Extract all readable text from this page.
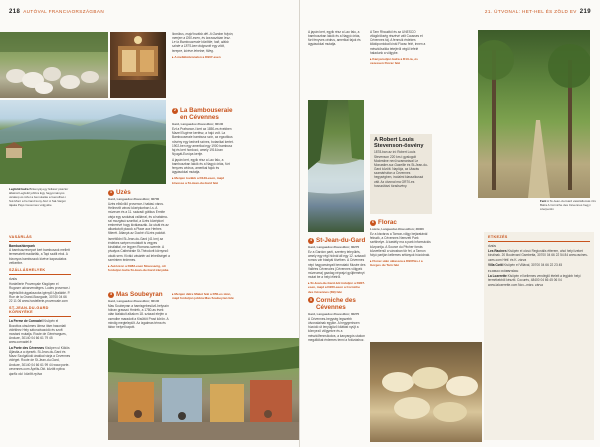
218 AUTÓVAL FRANCIAORSZÁGBAN
Legfelül balra Birkenyáj egy félkész pásztor állatnál Legfelül jobbra Egy hagyományos utcakép és üzlet a bemutatás a Genolhac-i Sul-Mont a Ferrand kuny Alul: A Sal-Vargéi tájaka Pays Cevennes völgyébe
VASÁRLÁS

Bambushkerpark
A bambuszrecepcé kert bambuszok mellett termesztett madárfák, a Tapi szálit ebol. A bizonyos bambuszok kivéve kapcsolatos vetkeritre.

SZÁLLÁSHELYEK
ÚZÉS

Hostellerie Provençale Kisgöpen el Rugcser udvarvendéges. Ludes provence-i legfelsőbb ágyakszoba igénylő Ujraláblé. P. Rue de la Grand-Bourgade, 30700 04 66 22 11 06 www.hostellerie-provencale.com

ST-JEAN-DU-GARD KÖRNYÉKE

La Ferme de Cornadel Kisöpén el Bozottos utsukmes ülmsz ítám hasonlati vidékhez Hely sátorudvazódó és szoft mostani mutatja. Route de Générargues, Anduze, 30140 04 66 61 79 45 www.cornadel.fr

La Porte des Cévennes Kisöpen ul Kökös Ájlastia-a a dyesék. St-Jean-du-Gard és Mazz Szolgálódó árakkal várja a Cevennes vidéget. Route de St-Jean-du-Gard, Anduze, 30140 04 66 61 99 44 www.porte-cevennes.com Április-Okt. között nyitva

április okt. között nyitva

1 Uzès
Gard, Languedoc-Roussillon; 30700

Uzès elbűvölő provence-i hatású város. Hellnevilt városi középkorban Ls. A múzeum és a 11. századi gótikus Ermite várja egy szokásai csillárral, és a hatalma-szi mozgású szonttal, a Uzès középkori emberévé hogy kiválasszák. Az utcát és az alkarkotott piacok a Place aux Herbes főterét. Átlanyá az Duché d'Uzès palotát.

Ismétlődni St-Jean-du-Gard (41 km) az érdekes szépen mutatott is vegyes kínálattal, ne legyen Romano-szemle. A pivalyos Cathédrale St-Théodorit környező utcák sem. Kiváló vásártér ad lehetőséget a szerintem érdemes.

▸ Autózzon a D982-esen Moussacig, ott forduljon balra St-Jean-du-Gard irányába

Ikonikus, majd tovább dél. A Gardon folyón, menjen a D50-esen, és borzasztóan lesz. Le la Bambouseraie közöttie, halt, alább szinte a 1875-ben dolgozott egy zöld, terepre, kivéve lehetne, főleg.

▸ A mellékútvonalon a D907-esen
2 La Bambouseraie en Cévennes
Gard, Languedoc-Roussillon; 30140

Ezt a Prafrance-i kert az 1850-es években Mazel Eugène kertész, a hajó volt. La Bambouseraie bambusz szín, az egzotikus növény egy kedvelt színes, botanikai kertet. 1902-ben egy amerikai egy 1900 bambusz faj és kert hordozó, amely 1916-ban Nyugát-Európa kertje.

A japán kert, egyik rész a Lao falu, a bambuszban lakók és a Nagyó óriás, fúrt fenyves cédrus, amerikai fajok és ágyásokkal mutatja.

▸ Menjen tovább a D129-esen, majd kövesse a St-Jean-du-Gard felé
3 Mas Soubeyran
Gard, Languedoc-Roussillon; 30140

Mas Soubeyran a hamisgebesüvő-helyszín hóban grasszó Hmirék, a 1780-as évek után kialakult alkalom 18. század elején a csendbe maradott a Kisüttöt Prost körön. A mindig megtelepült. Az izgalmas téma és tábor helyet kapott.

▸ Menjen délre Mialet felé a D50-es úton, majd forduljon jobbra Mas Soubeyran felé
21. ÚTVONAL: HET-HEL ÉS ZÖLD EV 219

A japán kert, egyik rész a Lao falu, a bambuszban lakók és a Nagyó óriás, fúrt fenyves cédrus, amerikai fajok és ágyásokkal mutatja.

4 St-Jean-du-Gard
Gard, Languedoc-Roussillon; 30270

Ez a Gardon parti, szerény település, amely egy régi hídnál áll egy 12. századi romos vár bástyái tövében. A Cévennes népi hagyományait bemutató Musée des Vallées Cévenoles (Cévennes völgyek múzeuma) gazdag néprajzi gyűjteményt mutat be a helyi életről.

▸ St-Jean-du-Gard-ból induljon a D907-esen, majd a D260-ason a Corniche des Cévennes (D9) felé
5 Corniche des Cévennes
Gard, Languedoc-Roussillon; 30270

A Cévennes-hegység legszebb útvonalainak egyike. A hegygerincen húzódó út lenyűgöző kilátást nyújt a környező völgyekre és a mészkőfennsíkokra, a kanyargós utakon megállókat érdemes tenni a fotózáshoz.

A Tarn Rhaudtól és az UNESCO világörökség részévé vált Causses et Cévennes táj. A fennsík érdekes kilátópontokat kínál Florac felé, innen a mészkőszikla tetejéről végül lefelé haladunk a völgybe.

▸ Kanyarodjon balra a D13-ra, és vezessen Florac felé
A Robert Louis Stevenson-ösvény

1878-ban az író Robert Louis Stevenson 220 km-t gyalogolt Modestine nevű szamarával Le Monastier-sur-Gazeille és St-Jean-du-Gard között. Naplója, az Utazás szamárháton a Cevennes hegységben, irodalmi klasszikussá vált. Az útvonal ma GR70-es hosszútávú túraösvény.

6 Florac
Lozère, Languedoc-Roussillon; 48400

Ez a kisváros a Tarnon-völgy bejáratánál fekszik, a Cévennes Nemzeti Park székhelye. A kastély ma a park információs központja. A Source du Pêcher forrás közvetlenül a városban tör fel, a Tarnon folyó partján kellemes sétányok húzódnak.

▸ Florac után válassza a D907bis-t a Gorges du Tarn felé
Fent A St-Jean-du-Gard vasútállomás rizs Balra A Corniche des Cévennes hegyi szerpentin
ETKEZÉS
ÚZÉS

Les Racines Kisöpén el olcsó Regionális étterem, ahol helyi ízeket kínálnak. 20 Boulevard Gambetta, 30700 04 66 22 54 84 www.racines-uzes.com Hétf. és K. zárva

Villa Cotti Kisöpén el Villával, 30700 04 66 22 23 45

FLORAC KÖRNYÉKE

La Lozerette Kisöpén el kellemes vendéglő ételeit a legjobb helyi termékekből készíti. Cocurès, 48400 04 66 45 06 04 www.lalozerette.com Nov.–márc. zárva
